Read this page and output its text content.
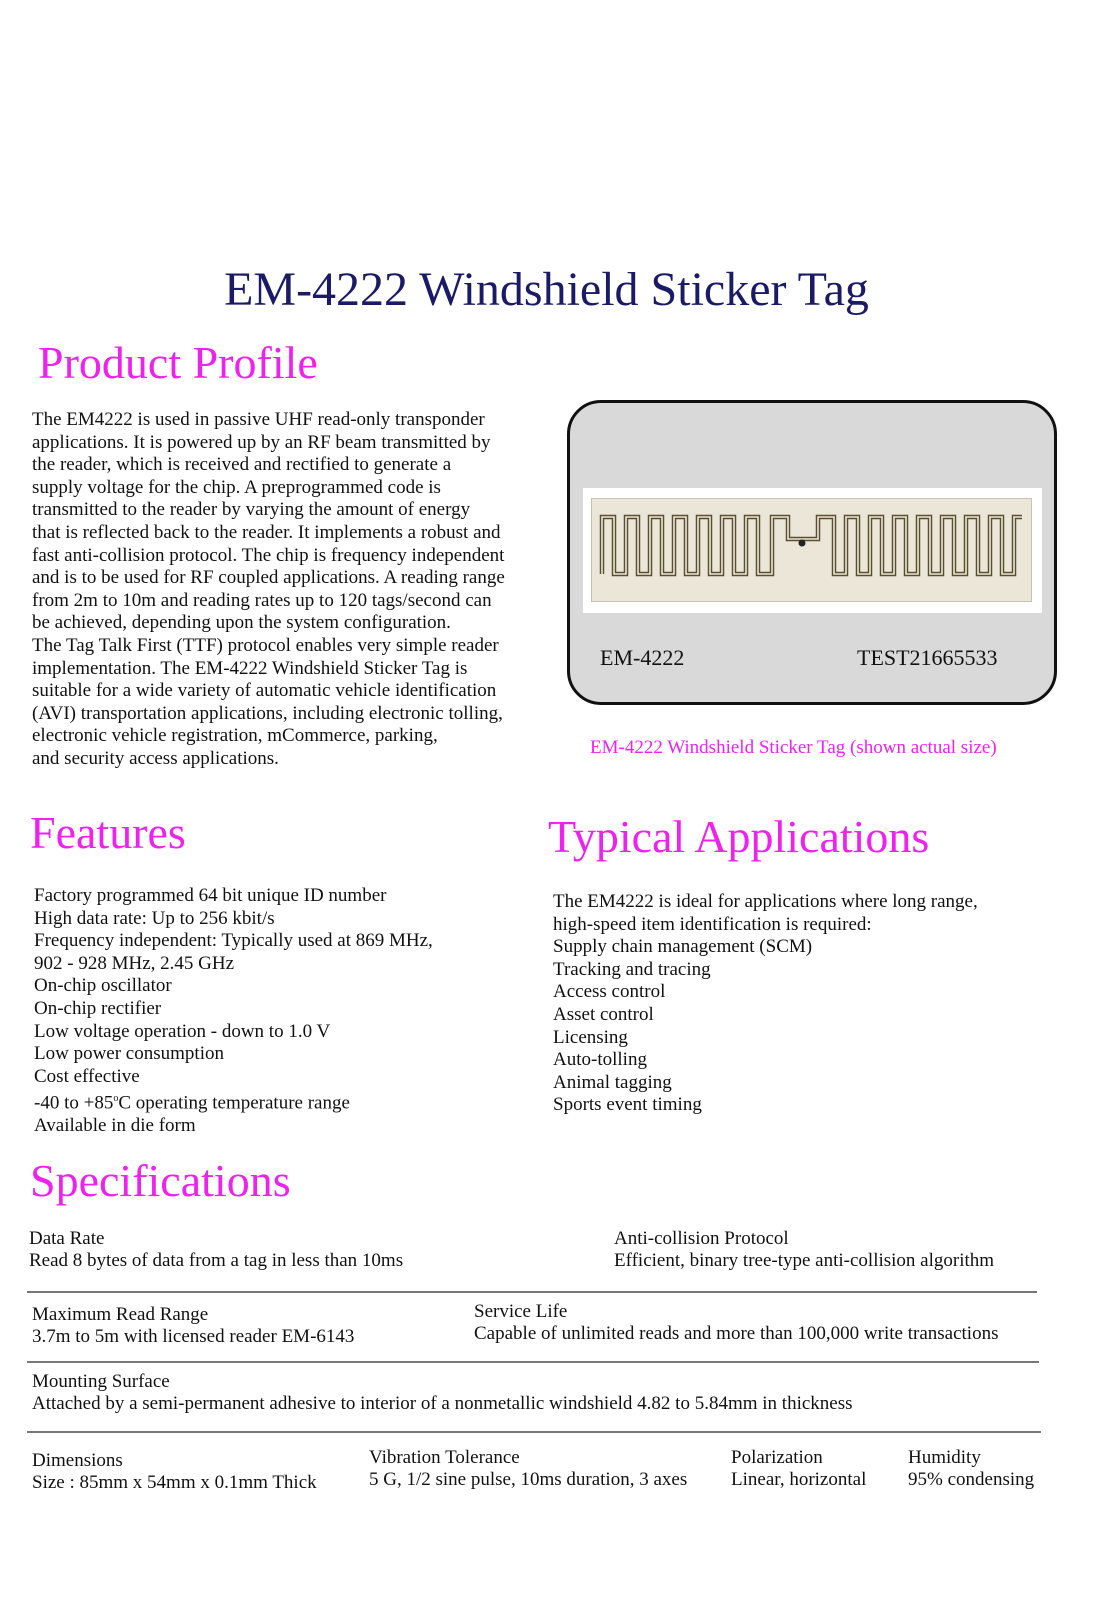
EM-4222 Windshield Sticker Tag
Product Profile
The EM4222 is used in passive UHF read-only transponder
applications. It is powered up by an RF beam transmitted by
the reader, which is received and rectified to generate a
supply voltage for the chip. A preprogrammed code is
transmitted to the reader by varying the amount of energy
that is reflected back to the reader. It implements a robust and
fast anti-collision protocol. The chip is frequency independent
and is to be used for RF coupled applications. A reading range
from 2m to 10m and reading rates up to 120 tags/second can
be achieved, depending upon the system configuration.
The Tag Talk First (TTF) protocol enables very simple reader
implementation. The EM-4222 Windshield Sticker Tag is
suitable for a wide variety of automatic vehicle identification
(AVI) transportation applications, including electronic tolling,
electronic vehicle registration, mCommerce, parking,
and security access applications.
EM-4222	TEST21665533
EM-4222 Windshield Sticker Tag (shown actual size)
Features
Factory programmed 64 bit unique ID number
High data rate: Up to 256 kbit/s
Frequency independent: Typically used at 869 MHz,
902 - 928 MHz, 2.45 GHz
On-chip oscillator
On-chip rectifier
Low voltage operation - down to 1.0 V
Low power consumption
Cost effective
-40 to $+85^oC$ operating temperature range
Available in die form
Typical Applications
The EM4222 is ideal for applications where long range,
high-speed item identification is required:
Supply chain management (SCM)
Tracking and tracing
Access control
Asset control
Licensing
Auto-tolling
Animal tagging
Sports event timing
Specifications
Data Rate
Read 8 bytes of data from a tag in less than 10ms
Anti-collision Protocol
Efficient, binary tree-type anti-collision algorithm
Maximum Read Range
3.7m to 5m with licensed reader EM-6143
Service Life
Capable of unlimited reads and more than 100,000 write transactions
Mounting Surface
Attached by a semi-permanent adhesive to interior of a nonmetallic windshield 4.82 to 5.84mm in thickness
Dimensions
Size : 85mm x 54mm x 0.1mm Thick
Vibration Tolerance
5 G, 1/2 sine pulse, 10ms duration, 3 axes
Polarization
Linear, horizontal
Humidity
95% condensing
